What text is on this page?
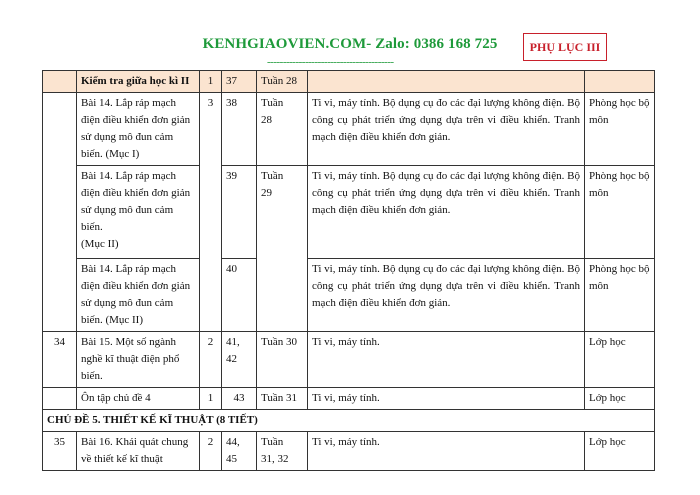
KENHGIAOVIEN.COM- Zalo: 0386 168 725
----------------------------------------
PHỤ LỤC III
	Kiểm tra giữa học kì II	1	37	Tuần 28		

	Bài 14. Lắp ráp mạch
điện điều khiển đơn giản
sử dụng mô đun cảm
biến. (Mục I)	3	38	Tuần
28	Ti vi, máy tính. Bộ dụng cụ đo các đại lượng không điện. Bộ công cụ phát triển ứng dụng dựa trên vi điều khiển. Tranh mạch điện điều khiển đơn giản.	Phòng học bộ
môn

	Bài 14. Lắp ráp mạch
điện điều khiển đơn giản
sử dụng mô đun cảm
biến.
(Mục II)		39	Tuần
29	Ti vi, máy tính. Bộ dụng cụ đo các đại lượng không điện. Bộ công cụ phát triển ứng dụng dựa trên vi điều khiển. Tranh mạch điện điều khiển đơn giản.	Phòng học bộ
môn

	Bài 14. Lắp ráp mạch
điện điều khiển đơn giản
sử dụng mô đun cảm
biến. (Mục II)		40		Ti vi, máy tính. Bộ dụng cụ đo các đại lượng không điện. Bộ công cụ phát triển ứng dụng dựa trên vi điều khiển. Tranh mạch điện điều khiển đơn giản.	Phòng học bộ
môn

34	Bài 15. Một số ngành
nghề kĩ thuật điện phổ
biến.	2	41, 42	Tuần 30	Ti vi, máy tính.	Lớp học
	Ôn tập chủ đề 4	1	43	Tuần 31	Ti vi, máy tính.	Lớp học
CHỦ ĐỀ 5. THIẾT KẾ KĨ THUẬT (8 TIẾT)						
35	Bài 16. Khái quát chung
về thiết kế kĩ thuật	2	44, 45	Tuần
31, 32	Ti vi, máy tính.	Lớp học
